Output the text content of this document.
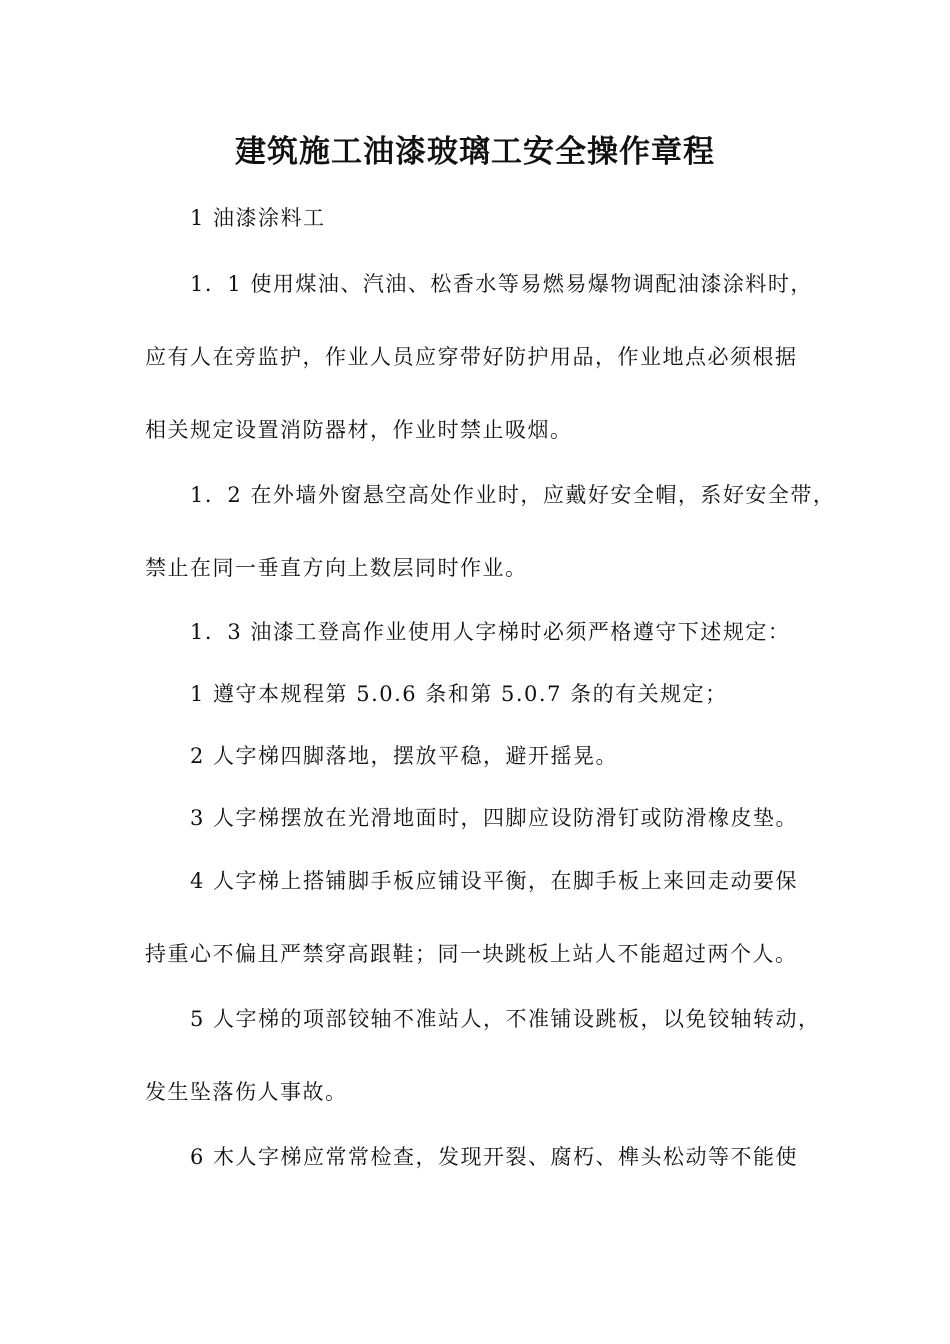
建筑施工油漆玻璃工安全操作章程
1 油漆涂料工
1．1 使用煤油、汽油、松香水等易燃易爆物调配油漆涂料时，
应有人在旁监护，作业人员应穿带好防护用品，作业地点必须根据
相关规定设置消防器材，作业时禁止吸烟。
1．2 在外墙外窗悬空高处作业时，应戴好安全帽，系好安全带，
禁止在同一垂直方向上数层同时作业。
1．3 油漆工登高作业使用人字梯时必须严格遵守下述规定：
1 遵守本规程第 5.0.6 条和第 5.0.7 条的有关规定；
2 人字梯四脚落地，摆放平稳，避开摇晃。
3 人字梯摆放在光滑地面时，四脚应设防滑钉或防滑橡皮垫。
4 人字梯上搭铺脚手板应铺设平衡，在脚手板上来回走动要保
持重心不偏且严禁穿高跟鞋；同一块跳板上站人不能超过两个人。
5 人字梯的项部铰轴不准站人，不准铺设跳板，以免铰轴转动，
发生坠落伤人事故。
6 木人字梯应常常检查，发现开裂、腐朽、榫头松动等不能使
